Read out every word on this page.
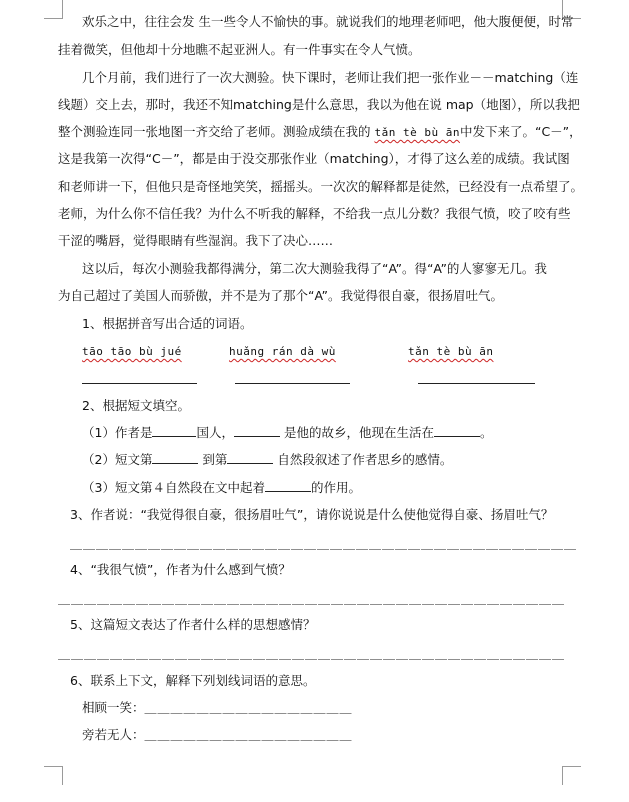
欢乐之中，往往会发 生一些令人不愉快的事。就说我们的地理老师吧，他大腹便便，时常
挂着微笑，但他却十分地瞧不起亚洲人。有一件事实在令人气愤。
几个月前，我们进行了一次大测验。快下课时，老师让我们把一张作业－－matching（连
线题）交上去，那时，我还不知matching是什么意思，我以为他在说 map（地图），所以我把
整个测验连同一张地图一齐交给了老师。测验成绩在我的 tǎn tè bù ān中发下来了。“C－”，
这是我第一次得“C－”，都是由于没交那张作业（matching），才得了这么差的成绩。我试图
和老师讲一下，但他只是奇怪地笑笑，摇摇头。一次次的解释都是徒然，已经没有一点希望了。
老师，为什么你不信任我？为什么不听我的解释，不给我一点儿分数？我很气愤，咬了咬有些
干涩的嘴唇，觉得眼睛有些湿润。我下了决心……
这以后，每次小测验我都得满分，第二次大测验我得了“A”。得“A”的人寥寥无几。我
为自己超过了美国人而骄傲，并不是为了那个“A”。我觉得很自豪，很扬眉吐气。
1、根据拼音写出合适的词语。
tāo tāo bù jué	huǎng rán dà wù	tǎn tè bù ān
2、根据短文填空。
（1）作者是	国人，	是他的故乡，他现在生活在	。
（2）短文第	到第	自然段叙述了作者思乡的感情。
（3）短文第４自然段在文中起着	的作用。
3、作者说：“我觉得很自豪，很扬眉吐气”，请你说说是什么使他觉得自豪、扬眉吐气？
＿＿＿＿＿＿＿＿＿＿＿＿＿＿＿＿＿＿＿＿＿＿＿＿＿＿＿＿＿＿＿＿＿＿＿＿＿＿＿
4、“我很气愤”，作者为什么感到气愤？
＿＿＿＿＿＿＿＿＿＿＿＿＿＿＿＿＿＿＿＿＿＿＿＿＿＿＿＿＿＿＿＿＿＿＿＿＿＿＿
5、这篇短文表达了作者什么样的思想感情？
＿＿＿＿＿＿＿＿＿＿＿＿＿＿＿＿＿＿＿＿＿＿＿＿＿＿＿＿＿＿＿＿＿＿＿＿＿＿＿
6、联系上下文，解释下列划线词语的意思。
相顾一笑：＿＿＿＿＿＿＿＿＿＿＿＿＿＿＿＿
旁若无人：＿＿＿＿＿＿＿＿＿＿＿＿＿＿＿＿
